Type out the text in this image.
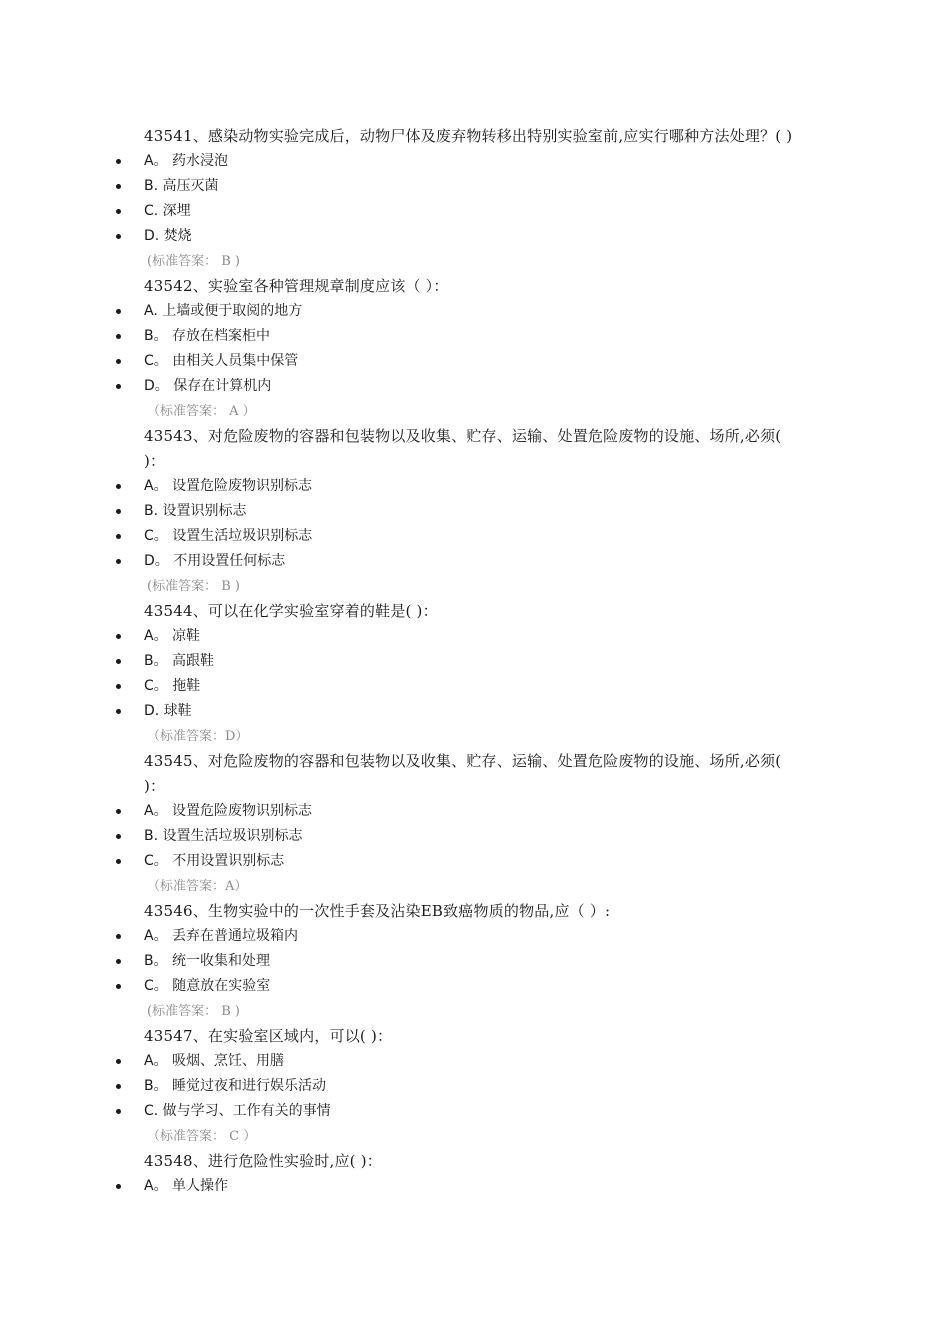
43541、感染动物实验完成后，动物尸体及废弃物转移出特别实验室前,应实行哪种方法处理？( )

A。 药水浸泡
B. 高压灭菌
C. 深埋
D. 焚烧
(标准答案： B )

43542、实验室各种管理规章制度应该（ ）：

A. 上墙或便于取阅的地方
B。 存放在档案柜中
C。 由相关人员集中保管
D。 保存在计算机内
（标准答案： A ）

43543、对危险废物的容器和包装物以及收集、贮存、运输、处置危险废物的设施、场所,必须( )：

A。 设置危险废物识别标志
B. 设置识别标志
C。 设置生活垃圾识别标志
D。 不用设置任何标志
(标准答案： B )

43544、可以在化学实验室穿着的鞋是( )：

A。 凉鞋
B。 高跟鞋
C。 拖鞋
D. 球鞋
（标准答案：D）

43545、对危险废物的容器和包装物以及收集、贮存、运输、处置危险废物的设施、场所,必须( )：

A。 设置危险废物识别标志
B. 设置生活垃圾识别标志
C。 不用设置识别标志
（标准答案：A）

43546、生物实验中的一次性手套及沾染EB致癌物质的物品,应（ ）:

A。 丢弃在普通垃圾箱内
B。 统一收集和处理
C。 随意放在实验室
(标准答案： B )

43547、在实验室区域内，可以( )：

A。 吸烟、烹饪、用膳
B。 睡觉过夜和进行娱乐活动
C. 做与学习、工作有关的事情
（标准答案： C ）

43548、进行危险性实验时,应( )：

A。 单人操作
